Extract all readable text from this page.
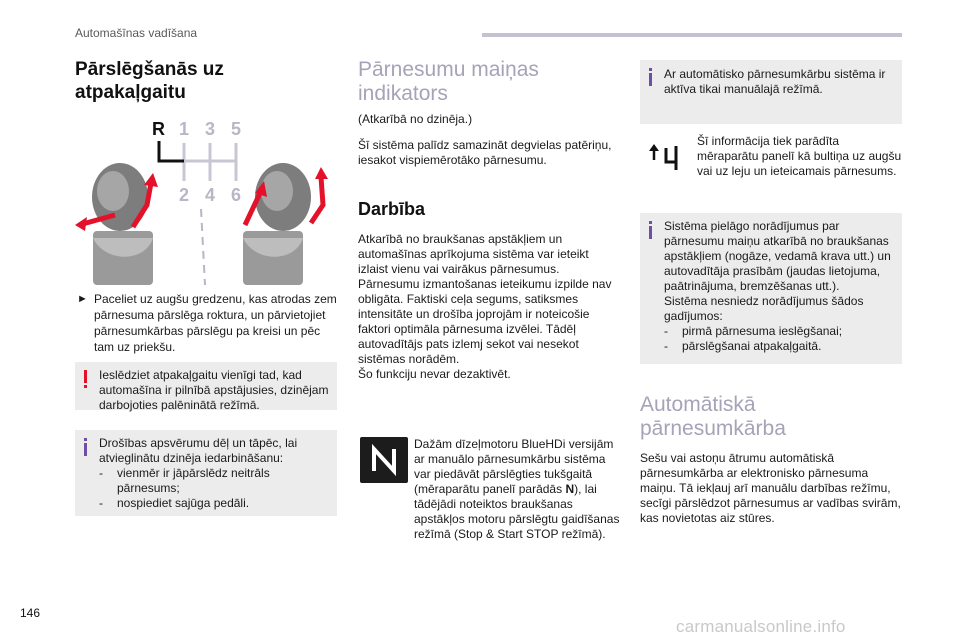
Automašīnas vadīšana
Pārslēgšanās uz atpakaļgaitu
R 1 3 5
2 4 6
► Paceliet uz augšu gredzenu, kas atrodas zem pārnesuma pārslēga roktura, un pārvietojiet pārnesumkārbas pārslēgu pa kreisi un pēc tam uz priekšu.
Ieslēdziet atpakaļgaitu vienīgi tad, kad automašīna ir pilnībā apstājusies, dzinējam darbojoties palēninātā režīmā.
Drošības apsvērumu dēļ un tāpēc, lai atvieglinātu dzinēja iedarbināšanu:
- vienmēr ir jāpārslēdz neitrāls pārnesums;
- nospiediet sajūga pedāli.
Pārnesumu maiņas indikators
(Atkarībā no dzinēja.)
Šī sistēma palīdz samazināt degvielas patēriņu, iesakot vispiemērotāko pārnesumu.
Darbība
Atkarībā no braukšanas apstākļiem un automašīnas aprīkojuma sistēma var ieteikt izlaist vienu vai vairākus pārnesumus. Pārnesumu izmantošanas ieteikumu izpilde nav obligāta. Faktiski ceļa segums, satiksmes intensitāte un drošība joprojām ir noteicošie faktori optimāla pārnesuma izvēlei. Tādēļ autovadītājs pats izlemj sekot vai nesekot sistēmas norādēm.
Šo funkciju nevar dezaktivēt.
Dažām dīzeļmotoru BlueHDi versijām ar manuālo pārnesumkārbu sistēma var piedāvāt pārslēgties tukšgaitā (mēraparātu panelī parādās N), lai tādējādi noteiktos braukšanas apstākļos motoru pārslēgtu gaidīšanas režīmā (Stop & Start STOP režīmā).
Ar automātisko pārnesumkārbu sistēma ir aktīva tikai manuālajā režīmā.
Šī informācija tiek parādīta mēraparātu panelī kā bultiņa uz augšu vai uz leju un ieteicamais pārnesums.
Sistēma pielāgo norādījumus par pārnesumu maiņu atkarībā no braukšanas apstākļiem (nogāze, vedamā krava utt.) un autovadītāja prasībām (jaudas lietojuma, paātrinājuma, bremzēšanas utt.).
Sistēma nesniedz norādījumus šādos gadījumos:
- pirmā pārnesuma ieslēgšanai;
- pārslēgšanai atpakaļgaitā.
Automātiskā pārnesumkārba
Sešu vai astoņu ātrumu automātiskā pārnesumkārba ar elektronisko pārnesuma maiņu. Tā iekļauj arī manuālu darbības režīmu, secīgi pārslēdzot pārnesumus ar vadības svirām, kas novietotas aiz stūres.
146
carmanualsonline.info
